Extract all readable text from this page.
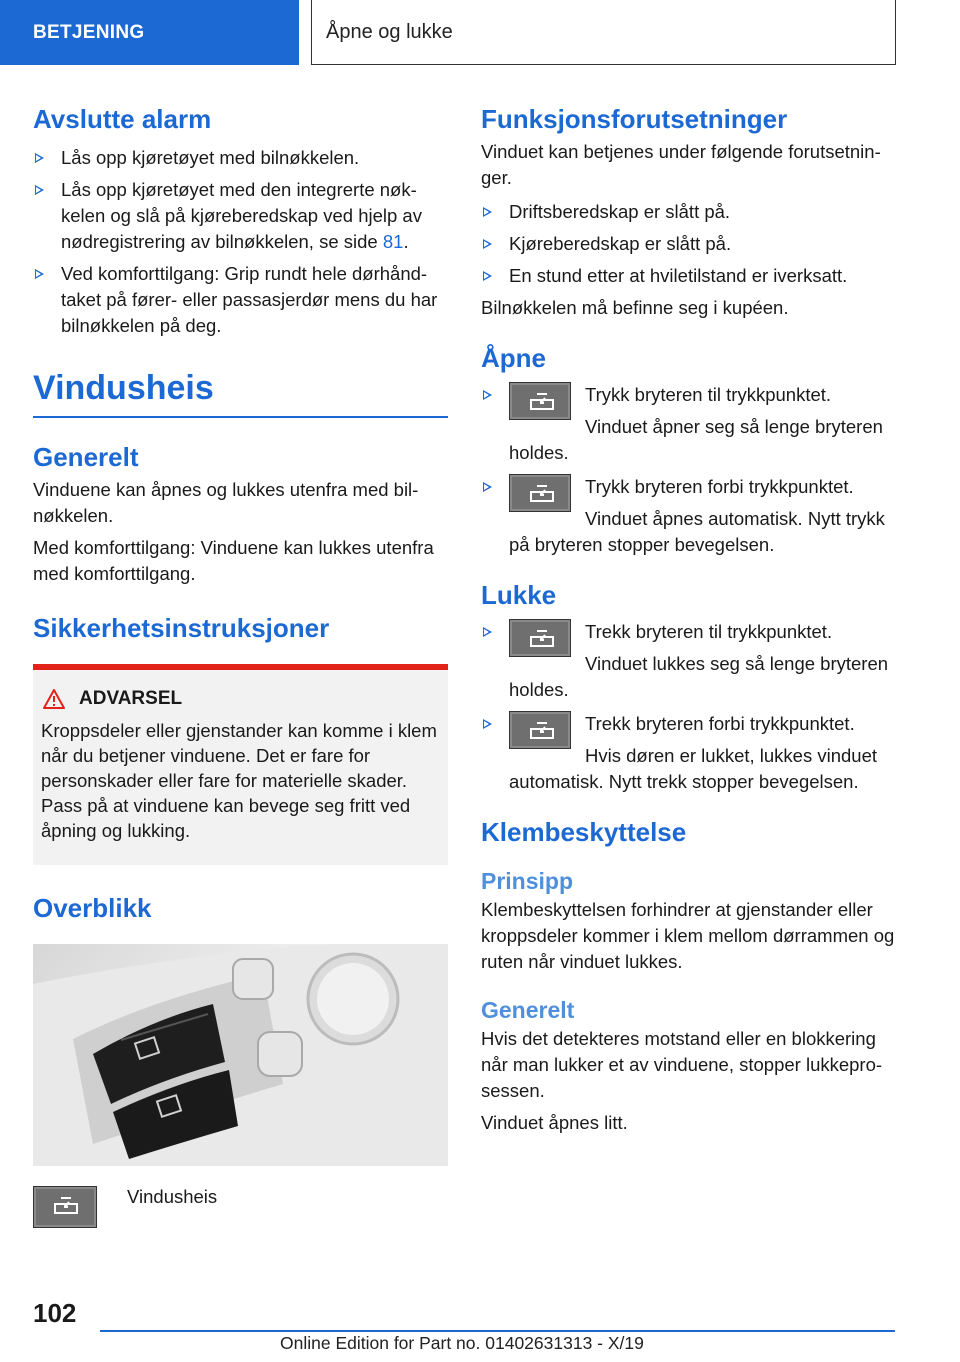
BETJENING	Åpne og lukke
Avslutte alarm
Lås opp kjøretøyet med bilnøkkelen.
Lås opp kjøretøyet med den integrerte nøk-kelen og slå på kjøreberedskap ved hjelp av nødregistrering av bilnøkkelen, se side 81.
Ved komforttilgang: Grip rundt hele dørhånd-taket på fører- eller passasjerdør mens du har bilnøkkelen på deg.
Vindusheis
Generelt

Vinduene kan åpnes og lukkes utenfra med bil-nøkkelen.

Med komforttilgang: Vinduene kan lukkes utenfra med komforttilgang.

Sikkerhetsinstruksjoner
ADVARSEL
Kroppsdeler eller gjenstander kan komme i klem når du betjener vinduene. Det er fare for personskader eller fare for materielle skader. Pass på at vinduene kan bevege seg fritt ved åpning og lukking.
Overblikk
Vindusheis
Funksjonsforutsetninger

Vinduet kan betjenes under følgende forutsetnin-ger.

Driftsberedskap er slått på.
Kjøreberedskap er slått på.
En stund etter at hviletilstand er iverksatt.

Bilnøkkelen må befinne seg i kupéen.

Åpne
Trykk bryteren til trykkpunktet.
Vinduet åpner seg så lenge bryteren
holdes.
Trykk bryteren forbi trykkpunktet.
Vinduet åpnes automatisk. Nytt trykk
på bryteren stopper bevegelsen.
Lukke
Trekk bryteren til trykkpunktet.
Vinduet lukkes seg så lenge bryteren
holdes.
Trekk bryteren forbi trykkpunktet.
Hvis døren er lukket, lukkes vinduet
automatisk. Nytt trekk stopper bevegelsen.
Klembeskyttelse
Prinsipp

Klembeskyttelsen forhindrer at gjenstander eller kroppsdeler kommer i klem mellom dørrammen og ruten når vinduet lukkes.

Generelt

Hvis det detekteres motstand eller en blokkering når man lukker et av vinduene, stopper lukkepro-sessen.

Vinduet åpnes litt.

102
Online Edition for Part no. 01402631313 - X/19
